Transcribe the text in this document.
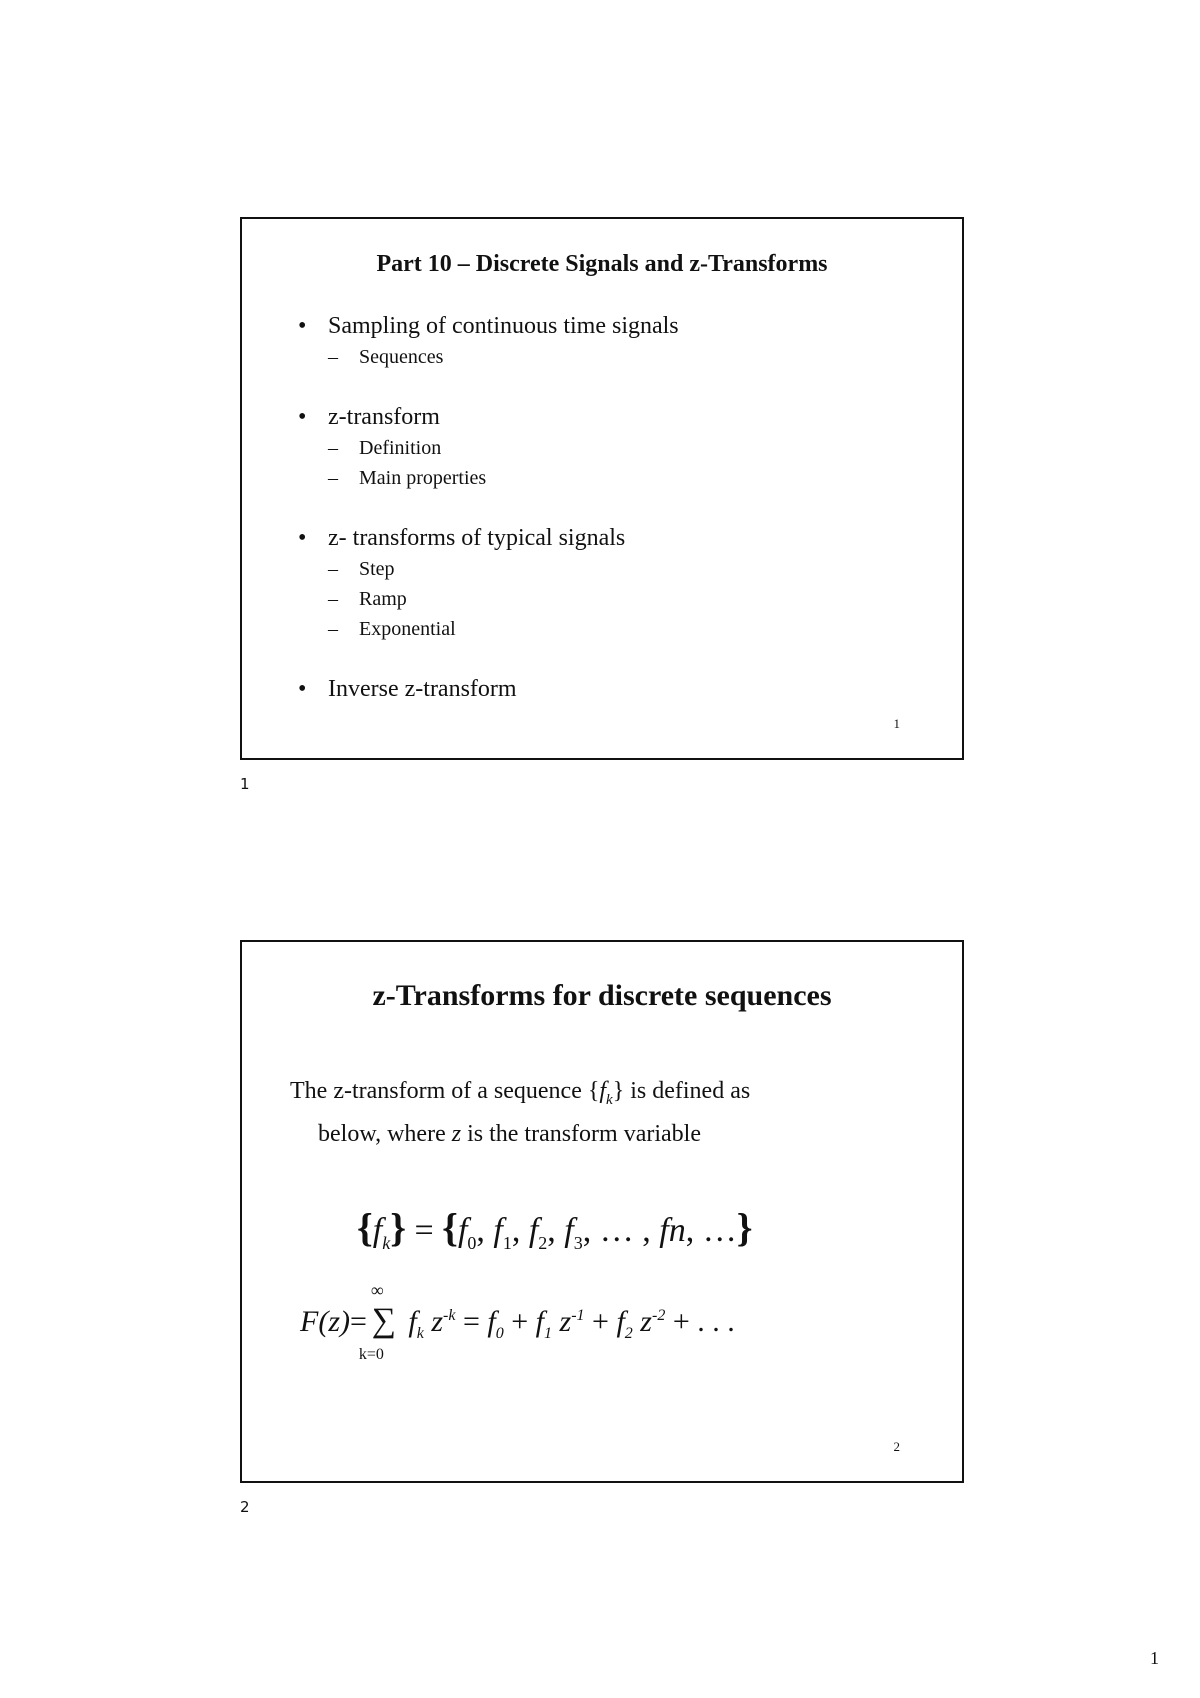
Part 10 – Discrete Signals and z-Transforms
• Sampling of continuous time signals
–	Sequences
• z-transform
–	Definition
–	Main properties
• z- transforms of typical signals
–	Step
–	Ramp
–	Exponential
• Inverse z-transform
1
1
z-Transforms for discrete sequences
The z-transform of a sequence $\{f_k\}$ is defined as
below, where z is the transform variable
$\{f_k\} = \{f_0$, $f_1$, $f_2$, $f_3$, … , fn, …}
F(z)=
∞
∑
k=0
$f_k$ $z^{-k} = f_0 + f_1$ $z^{-1} + f_2$ $z^{-2}$ + . . .
2
2
1
